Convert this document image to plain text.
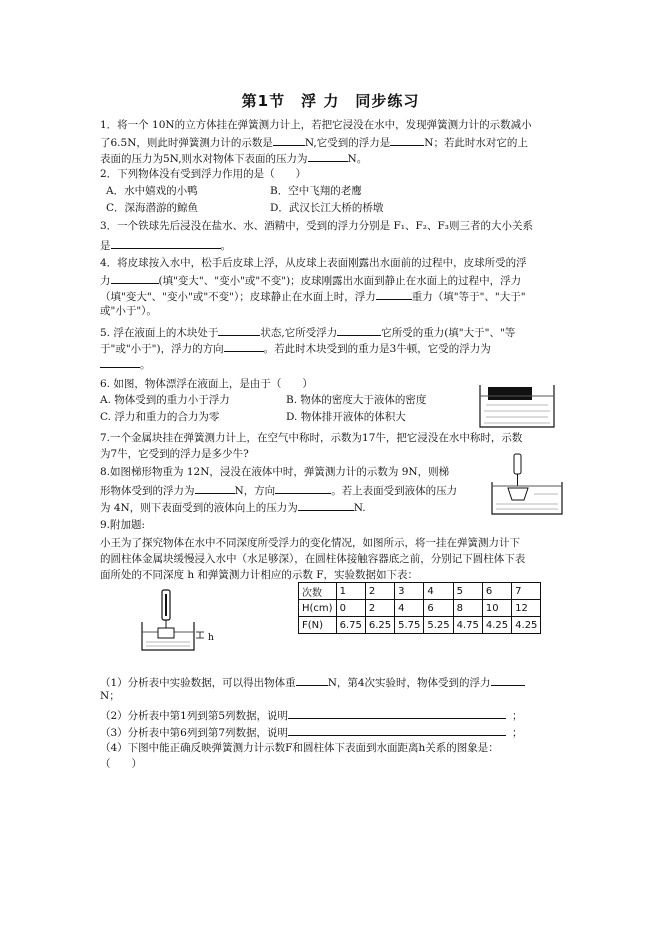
第1节　浮 力　同步练习
1．将一个 10N的立方体挂在弹簧测力计上，若把它浸没在水中，发现弹簧测力计的示数减小
了6.5N，则此时弹簧测力计的示数是	N,它受到的浮力是	N；若此时水对它的上
表面的压力为5N,则水对物体下表面的压力为	N。
2．下列物体没有受到浮力作用的是（　　）
A．水中嬉戏的小鸭	B．空中飞翔的老鹰
C．深海潜游的鲸鱼	D．武汉长江大桥的桥墩
3．一个铁球先后浸没在盐水、水、酒精中，受到的浮力分别是 F₁、F₂、F₃则三者的大小关系
是	。
4．将皮球按入水中，松手后皮球上浮，从皮球上表面刚露出水面前的过程中，皮球所受的浮
力	(填"变大"、"变小"或"不变")；皮球刚露出水面到静止在水面上的过程中，浮力
（填"变大"、"变小"或"不变"）；皮球静止在水面上时，浮力	重力（填"等于"、"大于"
或"小于"）。
5. 浮在液面上的木块处于	状态,它所受浮力	它所受的重力(填"大于"、"等
于"或"小于")，浮力的方向	。若此时木块受到的重力是3牛顿，它受的浮力为
。
6. 如图，物体漂浮在液面上，是由于（　　）
A. 物体受到的重力小于浮力	B. 物体的密度大于液体的密度
C. 浮力和重力的合力为零	D. 物体排开液体的体积大
7.一个金属块挂在弹簧测力计上，在空气中称时，示数为17牛，把它浸没在水中称时，示数
为7牛，它受到的浮力是多少牛?
8.如图梯形物重为 12N，浸没在液体中时，弹簧测力计的示数为 9N，则梯
形物体受到的浮力为	N，方向	。若上表面受到液体的压力
为 4N，则下表面受到的液体向上的压力为	N.
9.附加题:
小王为了探究物体在水中不同深度所受浮力的变化情况，如图所示，将一挂在弹簧测力计下
的圆柱体金属块缓慢浸入水中（水足够深），在圆柱体接触容器底之前，分别记下圆柱体下表
面所处的不同深度 h 和弹簧测力计相应的示数 F，实验数据如下表：
h
次数	1	2	3	4	5	6	7
H(cm)	0	2	4	6	8	10	12
F(N)	6.75	6.25	5.75	5.25	4.75	4.25	4.25
（1）分析表中实验数据，可以得出物体重	N，第4次实验时，物体受到的浮力
N；
（2）分析表中第1列到第5列数据，说明	；
（3）分析表中第6列到第7列数据，说明	；
（4）下图中能正确反映弹簧测力计示数F和圆柱体下表面到水面距离h关系的图象是：
（　　）
